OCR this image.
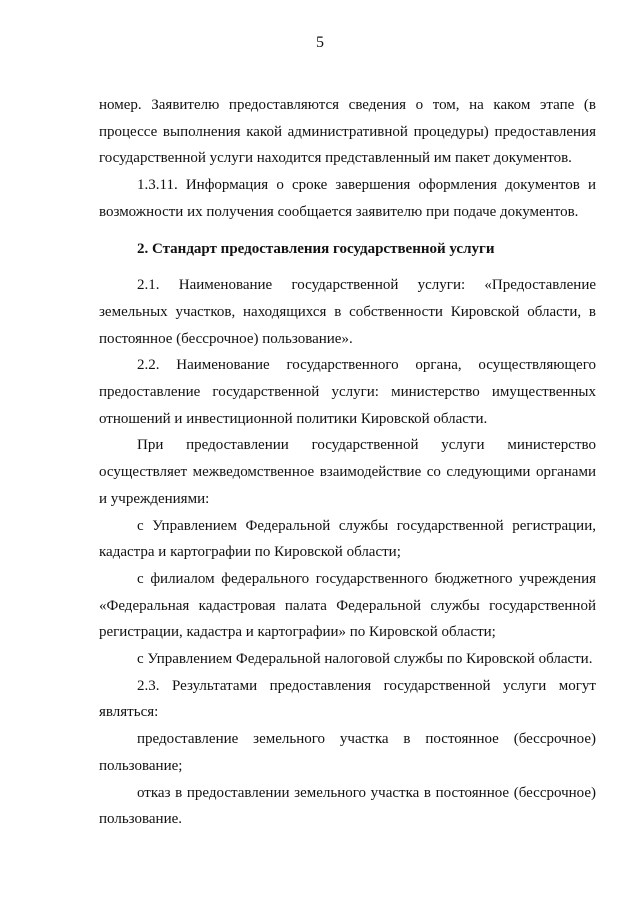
5

номер. Заявителю предоставляются сведения о том, на каком этапе (в процессе выполнения какой административной процедуры) предоставления государственной услуги находится представленный им пакет документов.

1.3.11. Информация о сроке завершения оформления документов и возможности их получения сообщается заявителю при подаче документов.

2. Стандарт предоставления государственной услуги

2.1. Наименование государственной услуги: «Предоставление земельных участков, находящихся в собственности Кировской области, в постоянное (бессрочное) пользование».

2.2. Наименование государственного органа, осуществляющего предоставление государственной услуги: министерство имущественных отношений и инвестиционной политики Кировской области.

При предоставлении государственной услуги министерство осуществляет межведомственное взаимодействие со следующими органами и учреждениями:

с Управлением Федеральной службы государственной регистрации, кадастра и картографии по Кировской области;

с филиалом федерального государственного бюджетного учреждения «Федеральная кадастровая палата Федеральной службы государственной регистрации, кадастра и картографии» по Кировской области;

с Управлением Федеральной налоговой службы по Кировской области.

2.3. Результатами предоставления государственной услуги могут являться:

предоставление земельного участка в постоянное (бессрочное) пользование;

отказ в предоставлении земельного участка в постоянное (бессрочное) пользование.
